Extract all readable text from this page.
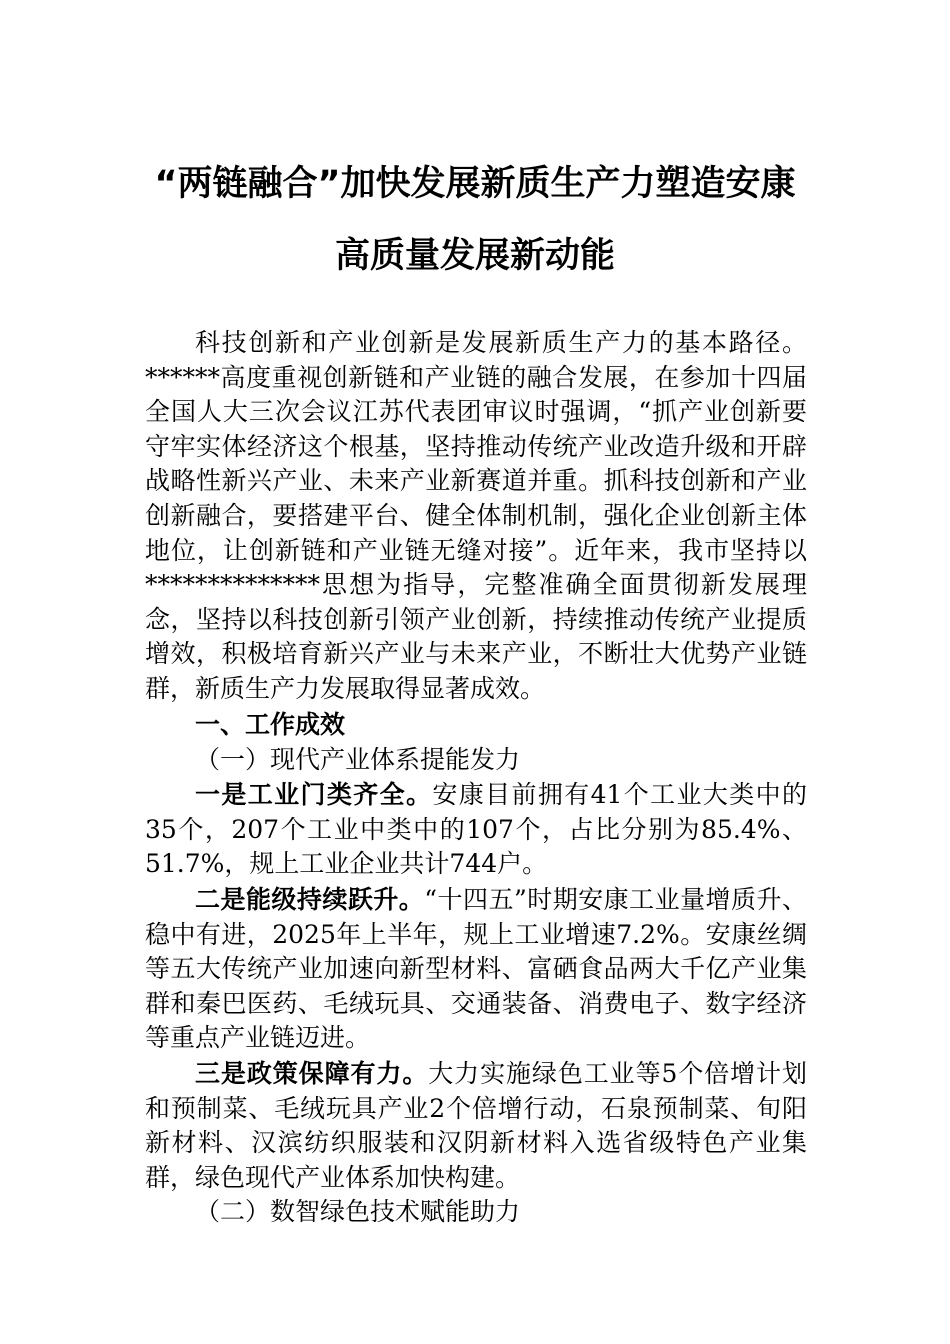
“两链融合”加快发展新质生产力塑造安康
高质量发展新动能

科技创新和产业创新是发展新质生产力的基本路径。******高度重视创新链和产业链的融合发展，在参加十四届全国人大三次会议江苏代表团审议时强调，“抓产业创新要守牢实体经济这个根基，坚持推动传统产业改造升级和开辟战略性新兴产业、未来产业新赛道并重。抓科技创新和产业创新融合，要搭建平台、健全体制机制，强化企业创新主体地位，让创新链和产业链无缝对接”。近年来，我市坚持以**************思想为指导，完整准确全面贯彻新发展理念，坚持以科技创新引领产业创新，持续推动传统产业提质增效，积极培育新兴产业与未来产业，不断壮大优势产业链群，新质生产力发展取得显著成效。

一、工作成效

（一）现代产业体系提能发力

一是工业门类齐全。安康目前拥有41个工业大类中的35个，207个工业中类中的107个，占比分别为85.4%、51.7%，规上工业企业共计744户。

二是能级持续跃升。“十四五”时期安康工业量增质升、稳中有进，2025年上半年，规上工业增速7.2%。安康丝绸等五大传统产业加速向新型材料、富硒食品两大千亿产业集群和秦巴医药、毛绒玩具、交通装备、消费电子、数字经济等重点产业链迈进。

三是政策保障有力。大力实施绿色工业等5个倍增计划和预制菜、毛绒玩具产业2个倍增行动，石泉预制菜、旬阳新材料、汉滨纺织服装和汉阴新材料入选省级特色产业集群，绿色现代产业体系加快构建。

（二）数智绿色技术赋能助力
